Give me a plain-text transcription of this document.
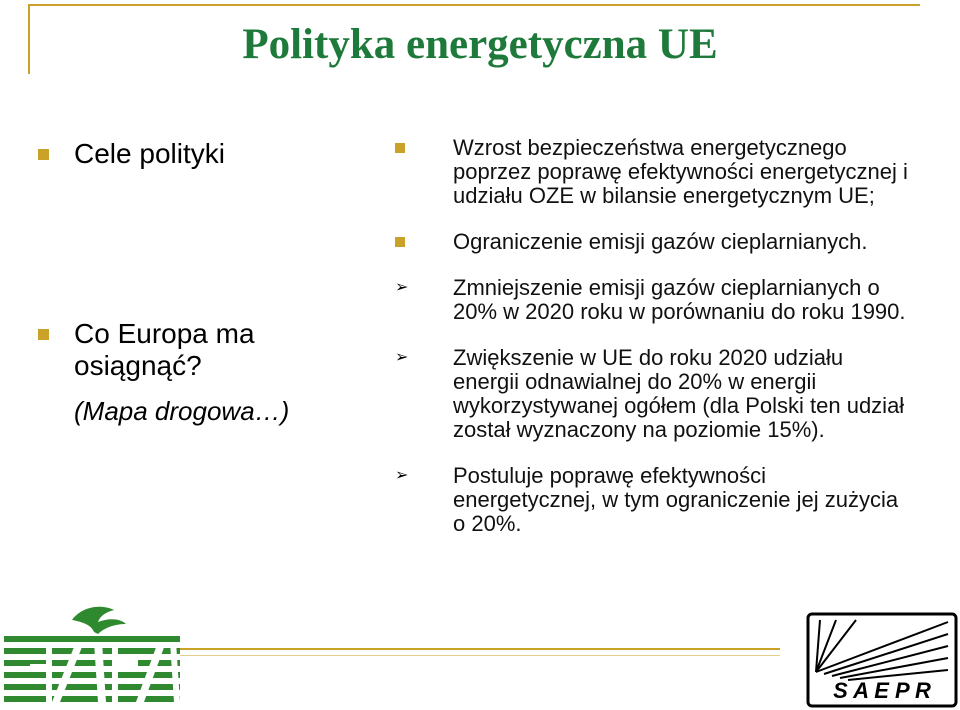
Polityka energetyczna UE
Cele polityki
Co Europa ma osiągnąć?
(Mapa drogowa…)
Wzrost bezpieczeństwa energetycznego poprzez poprawę efektywności energetycznej i udziału OZE w bilansie energetycznym UE;
Ograniczenie emisji gazów cieplarnianych.
➢ Zmniejszenie emisji gazów cieplarnianych o 20% w 2020 roku w porównaniu do roku 1990.
➢ Zwiększenie w UE do roku 2020 udziału energii odnawialnej do 20% w energii wykorzystywanej ogółem (dla Polski ten udział został wyznaczony na poziomie 15%).
➢ Postuluje poprawę efektywności energetycznej, w tym ograniczenie jej zużycia o 20%.
FAPA	S A E P R
